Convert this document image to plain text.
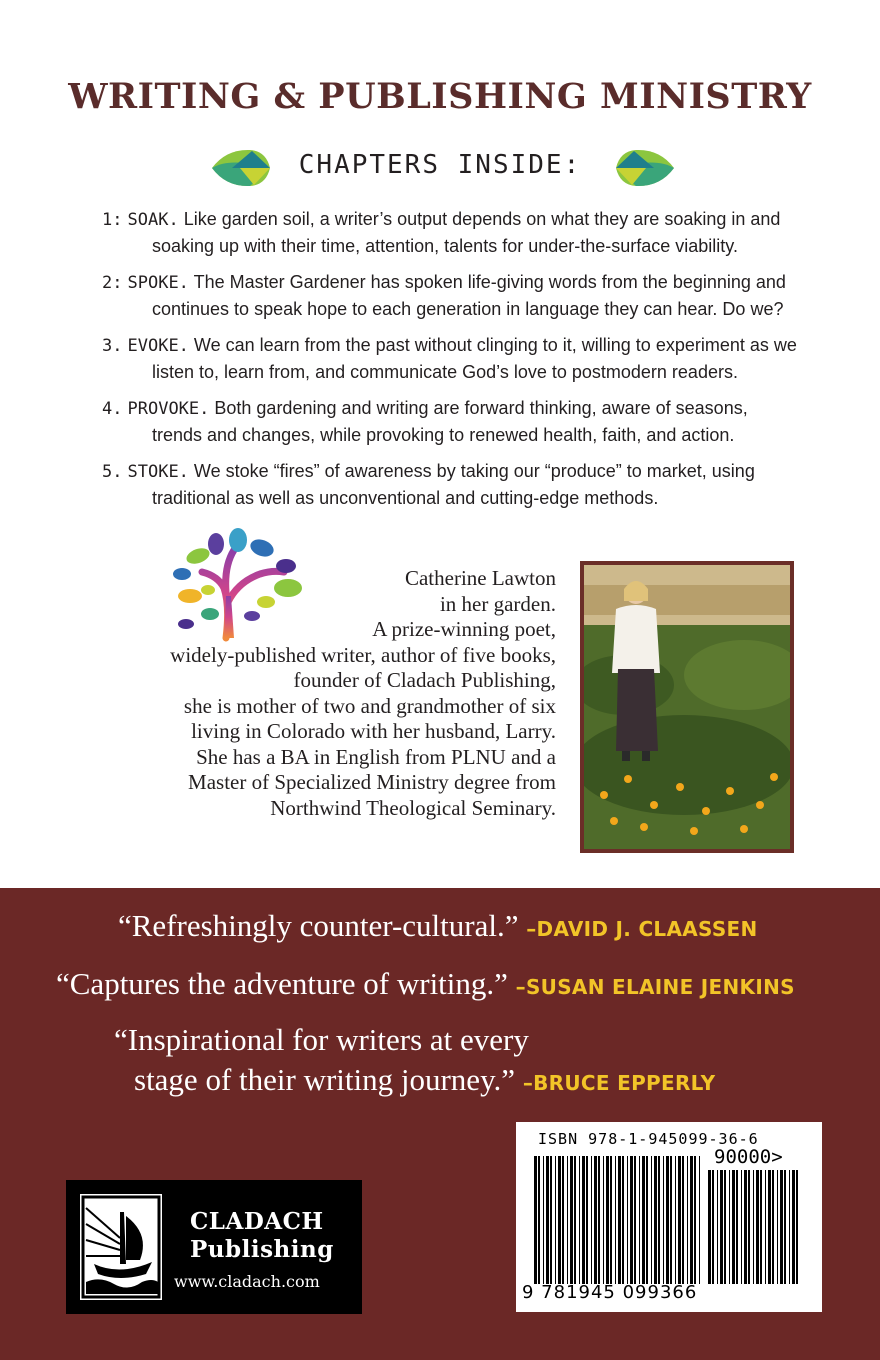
WRITING & PUBLISHING MINISTRY
CHAPTERS INSIDE:
1: SOAK. Like garden soil, a writer’s output depends on what they are soaking in and soaking up with their time, attention, talents for under-the-surface viability.
2: SPOKE. The Master Gardener has spoken life-giving words from the beginning and continues to speak hope to each generation in language they can hear. Do we?
3. EVOKE. We can learn from the past without clinging to it, willing to experiment as we listen to, learn from, and communicate God’s love to postmodern readers.
4. PROVOKE. Both gardening and writing are forward thinking, aware of seasons, trends and changes, while provoking to renewed health, faith, and action.
5. STOKE. We stoke “fires” of awareness by taking our “produce” to market, using traditional as well as unconventional and cutting-edge methods.
Catherine Lawton
in her garden.
A prize-winning poet,
widely-published writer, author of five books,
founder of Cladach Publishing,
she is mother of two and grandmother of six
living in Colorado with her husband, Larry.
She has a BA in English from PLNU and a
Master of Specialized Ministry degree from
Northwind Theological Seminary.
“Refreshingly counter-cultural.” –DAVID J. CLAASSEN
“Captures the adventure of writing.” –SUSAN ELAINE JENKINS
“Inspirational for writers at every
stage of their writing journey.” –BRUCE EPPERLY
CLADACH
Publishing
www.cladach.com
ISBN 978-1-945099-36-6
90000>
9 781945 099366
